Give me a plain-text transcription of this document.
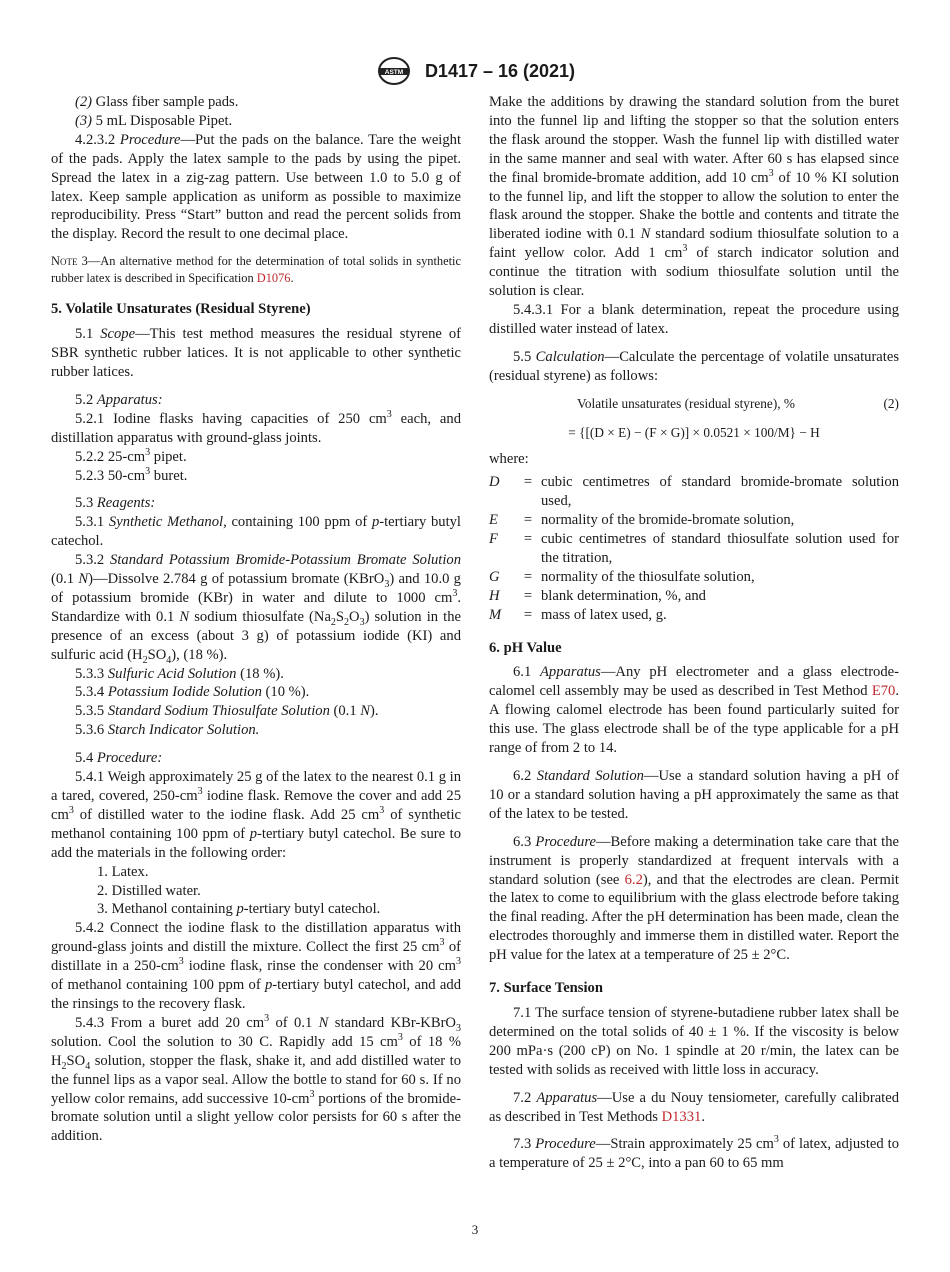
ASTM D1417 – 16 (2021)

(2) Glass fiber sample pads.

(3) 5 mL Disposable Pipet.

4.2.3.2 Procedure—Put the pads on the balance. Tare the weight of the pads. Apply the latex sample to the pads by using the pipet. Spread the latex in a zig-zag pattern. Use between 1.0 to 5.0 g of latex. Keep sample application as uniform as possible to maximize reproducibility. Press “Start” button and read the percent solids from the display. Record the result to one decimal place.

Note 3—An alternative method for the determination of total solids in synthetic rubber latex is described in Specification D1076.

5. Volatile Unsaturates (Residual Styrene)

5.1 Scope—This test method measures the residual styrene of SBR synthetic rubber latices. It is not applicable to other synthetic rubber latices.

5.2 Apparatus:

5.2.1 Iodine flasks having capacities of 250 $cm^3$ each, and distillation apparatus with ground-glass joints.

5.2.2 $25-cm^3$ pipet.

5.2.3 $50-cm^3$ buret.

5.3 Reagents:

5.3.1 Synthetic Methanol, containing 100 ppm of p-tertiary butyl catechol.

5.3.2 Standard Potassium Bromide-Potassium Bromate Solution (0.1 N)—Dissolve 2.784 g of potassium bromate (KBrO$_3$) and 10.0 g of potassium bromide (KBr) in water and dilute to 1000 $cm^3$. Standardize with 0.1 N sodium thiosulfate $(Na_2S_2O_3)$ solution in the presence of an excess (about 3 g) of potassium iodide (KI) and sulfuric acid $(H_2SO_4)$, (18 %).

5.3.3 Sulfuric Acid Solution (18 %).

5.3.4 Potassium Iodide Solution (10 %).

5.3.5 Standard Sodium Thiosulfate Solution (0.1 N).

5.3.6 Starch Indicator Solution.

5.4 Procedure:

5.4.1 Weigh approximately 25 g of the latex to the nearest 0.1 g in a tared, covered, $250-cm^3$ iodine flask. Remove the cover and add 25 $cm^3$ of distilled water to the iodine flask. Add 25 $cm^3$ of synthetic methanol containing 100 ppm of p-tertiary butyl catechol. Be sure to add the materials in the following order:

1. Latex.
2. Distilled water.
3. Methanol containing p-tertiary butyl catechol.

5.4.2 Connect the iodine flask to the distillation apparatus with ground-glass joints and distill the mixture. Collect the first 25 $cm^3$ of distillate in a $250-cm^3$ iodine flask, rinse the condenser with 20 $cm^3$ of methanol containing 100 ppm of p-tertiary butyl catechol, and add the rinsings to the recovery flask.

5.4.3 From a buret add 20 $cm^3$ of 0.1 N standard KBr-KBrO$_3$ solution. Cool the solution to 30 C. Rapidly add 15 $cm^3$ of 18 % $H_2SO_4$ solution, stopper the flask, shake it, and add distilled water to the funnel lips as a vapor seal. Allow the bottle to stand for 60 s. If no yellow color remains, add successive $10-cm^3$ portions of the bromide-bromate solution until a slight yellow color persists for 60 s after the addition.

Make the additions by drawing the standard solution from the buret into the funnel lip and lifting the stopper so that the solution enters the flask around the stopper. Wash the funnel lip with distilled water in the same manner and seal with water. After 60 s has elapsed since the final bromide-bromate addition, add 10 $cm^3$ of 10 % KI solution to the funnel lip, and lift the stopper to allow the solution to enter the flask around the stopper. Shake the bottle and contents and titrate the liberated iodine with 0.1 N standard sodium thiosulfate solution to a faint yellow color. Add 1 $cm^3$ of starch indicator solution and continue the titration with sodium thiosulfate solution until the solution is clear.

5.4.3.1 For a blank determination, repeat the procedure using distilled water instead of latex.

5.5 Calculation—Calculate the percentage of volatile unsaturates (residual styrene) as follows:

Volatile unsaturates (residual styrene), %	(2)
= {[(D × E) − (F × G)] × 0.0521 × 100/M} − H

where:

D	= cubic centimetres of standard bromide-bromate solution used,
E	= normality of the bromide-bromate solution,
F	= cubic centimetres of standard thiosulfate solution used for the titration,
G	= normality of the thiosulfate solution,
H	= blank determination, %, and
M	= mass of latex used, g.

6. pH Value

6.1 Apparatus—Any pH electrometer and a glass electrode-calomel cell assembly may be used as described in Test Method E70. A flowing calomel electrode has been found particularly suited for this use. The glass electrode shall be of the type applicable for a pH range of from 2 to 14.

6.2 Standard Solution—Use a standard solution having a pH of 10 or a standard solution having a pH approximately the same as that of the latex to be tested.

6.3 Procedure—Before making a determination take care that the instrument is properly standardized at frequent intervals with a standard solution (see 6.2), and that the electrodes are clean. Permit the latex to come to equilibrium with the glass electrode before taking the final reading. After the pH determination has been made, clean the electrodes thoroughly and immerse them in distilled water. Report the pH value for the latex at a temperature of 25 ± 2°C.

7. Surface Tension

7.1 The surface tension of styrene-butadiene rubber latex shall be determined on the total solids of 40 ± 1 %. If the viscosity is below 200 mPa·s (200 cP) on No. 1 spindle at 20 r/min, the latex can be tested with solids as received with little loss in accuracy.

7.2 Apparatus—Use a du Nouy tensiometer, carefully calibrated as described in Test Methods D1331.

7.3 Procedure—Strain approximately 25 $cm^3$ of latex, adjusted to a temperature of 25 ± 2°C, into a pan 60 to 65 mm

3
